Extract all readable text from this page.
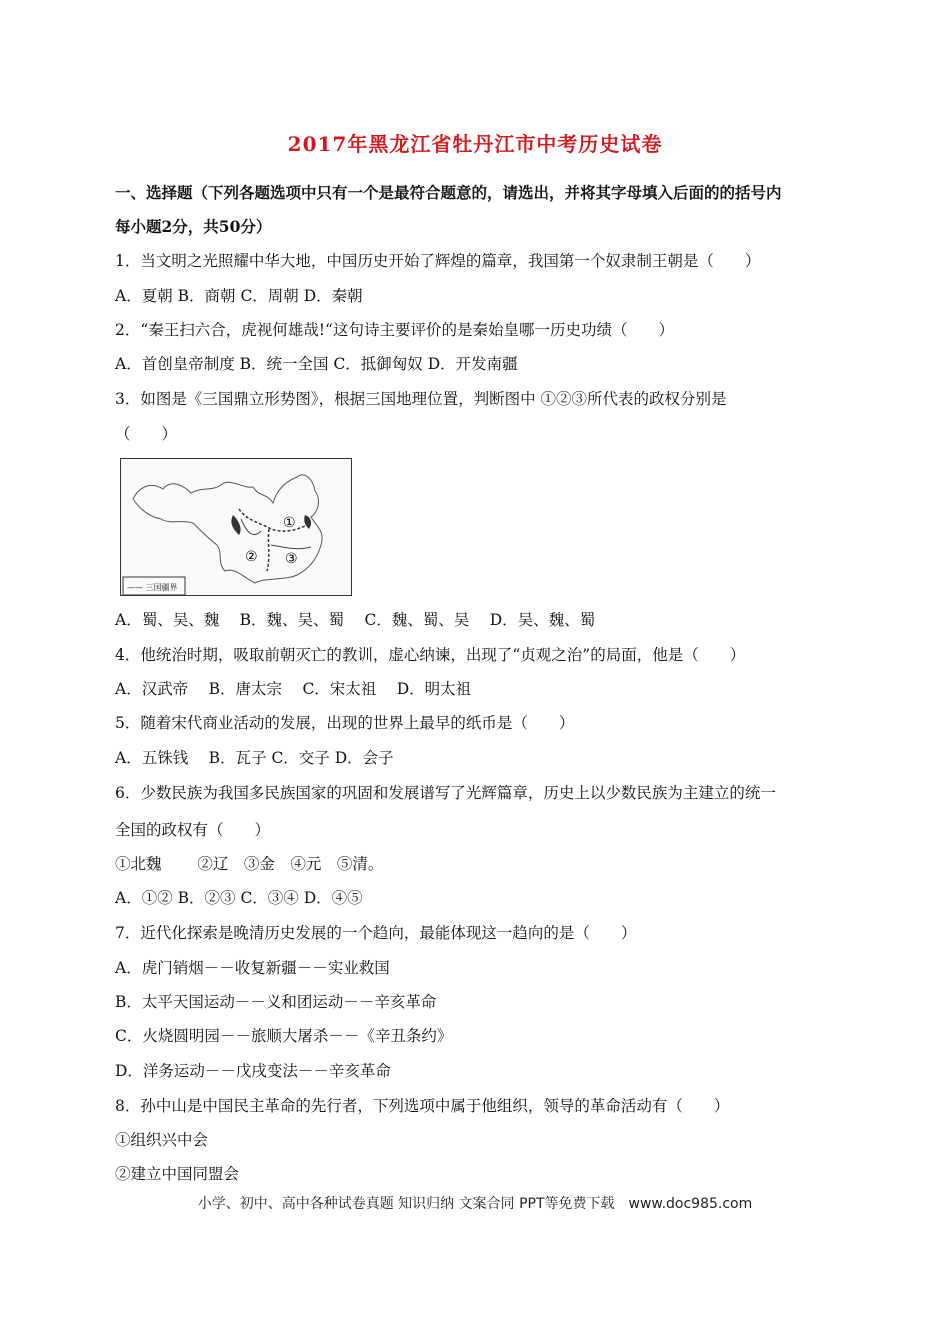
2017年黑龙江省牡丹江市中考历史试卷
一、选择题（下列各题选项中只有一个是最符合题意的，请选出，并将其字母填入后面的的括号内
每小题2分，共50分）
1．当文明之光照耀中华大地，中国历史开始了辉煌的篇章，我国第一个奴隶制王朝是（　　）
A．夏朝 B．商朝 C．周朝 D．秦朝
2．“秦王扫六合，虎视何雄哉!“这句诗主要评价的是秦始皇哪一历史功绩（　　）
A．首创皇帝制度 B．统一全国 C．抵御匈奴 D．开发南疆
3．如图是《三国鼎立形势图》，根据三国地理位置，判断图中 ①②③所代表的政权分别是
（　　）
①
② ③
—— 三国疆界
A．蜀、吴、魏　 B．魏、吴、蜀　 C．魏、蜀、吴　 D．吴、魏、蜀
4．他统治时期，吸取前朝灭亡的教训，虚心纳谏，出现了“贞观之治”的局面，他是（　　）
A．汉武帝　 B．唐太宗　 C．宋太祖　 D．明太祖
5．随着宋代商业活动的发展，出现的世界上最早的纸币是（　　）
A．五铢钱　 B．瓦子 C．交子 D．会子
6．少数民族为我国多民族国家的巩固和发展谱写了光辉篇章，历史上以少数民族为主建立的统一
全国的政权有（　　）
①北魏　　 ②辽　③金　④元　⑤清。
A．①② B．②③ C．③④ D．④⑤
7．近代化探索是晚清历史发展的一个趋向，最能体现这一趋向的是（　　）
A．虎门销烟－－收复新疆－－实业救国
B．太平天国运动－－义和团运动－－辛亥革命
C．火烧圆明园－－旅顺大屠杀－－《辛丑条约》
D．洋务运动－－戊戌变法－－辛亥革命
8．孙中山是中国民主革命的先行者，下列选项中属于他组织，领导的革命活动有（　　）
①组织兴中会
②建立中国同盟会
小学、初中、高中各种试卷真题 知识归纳 文案合同 PPT等免费下载　www.doc985.com
